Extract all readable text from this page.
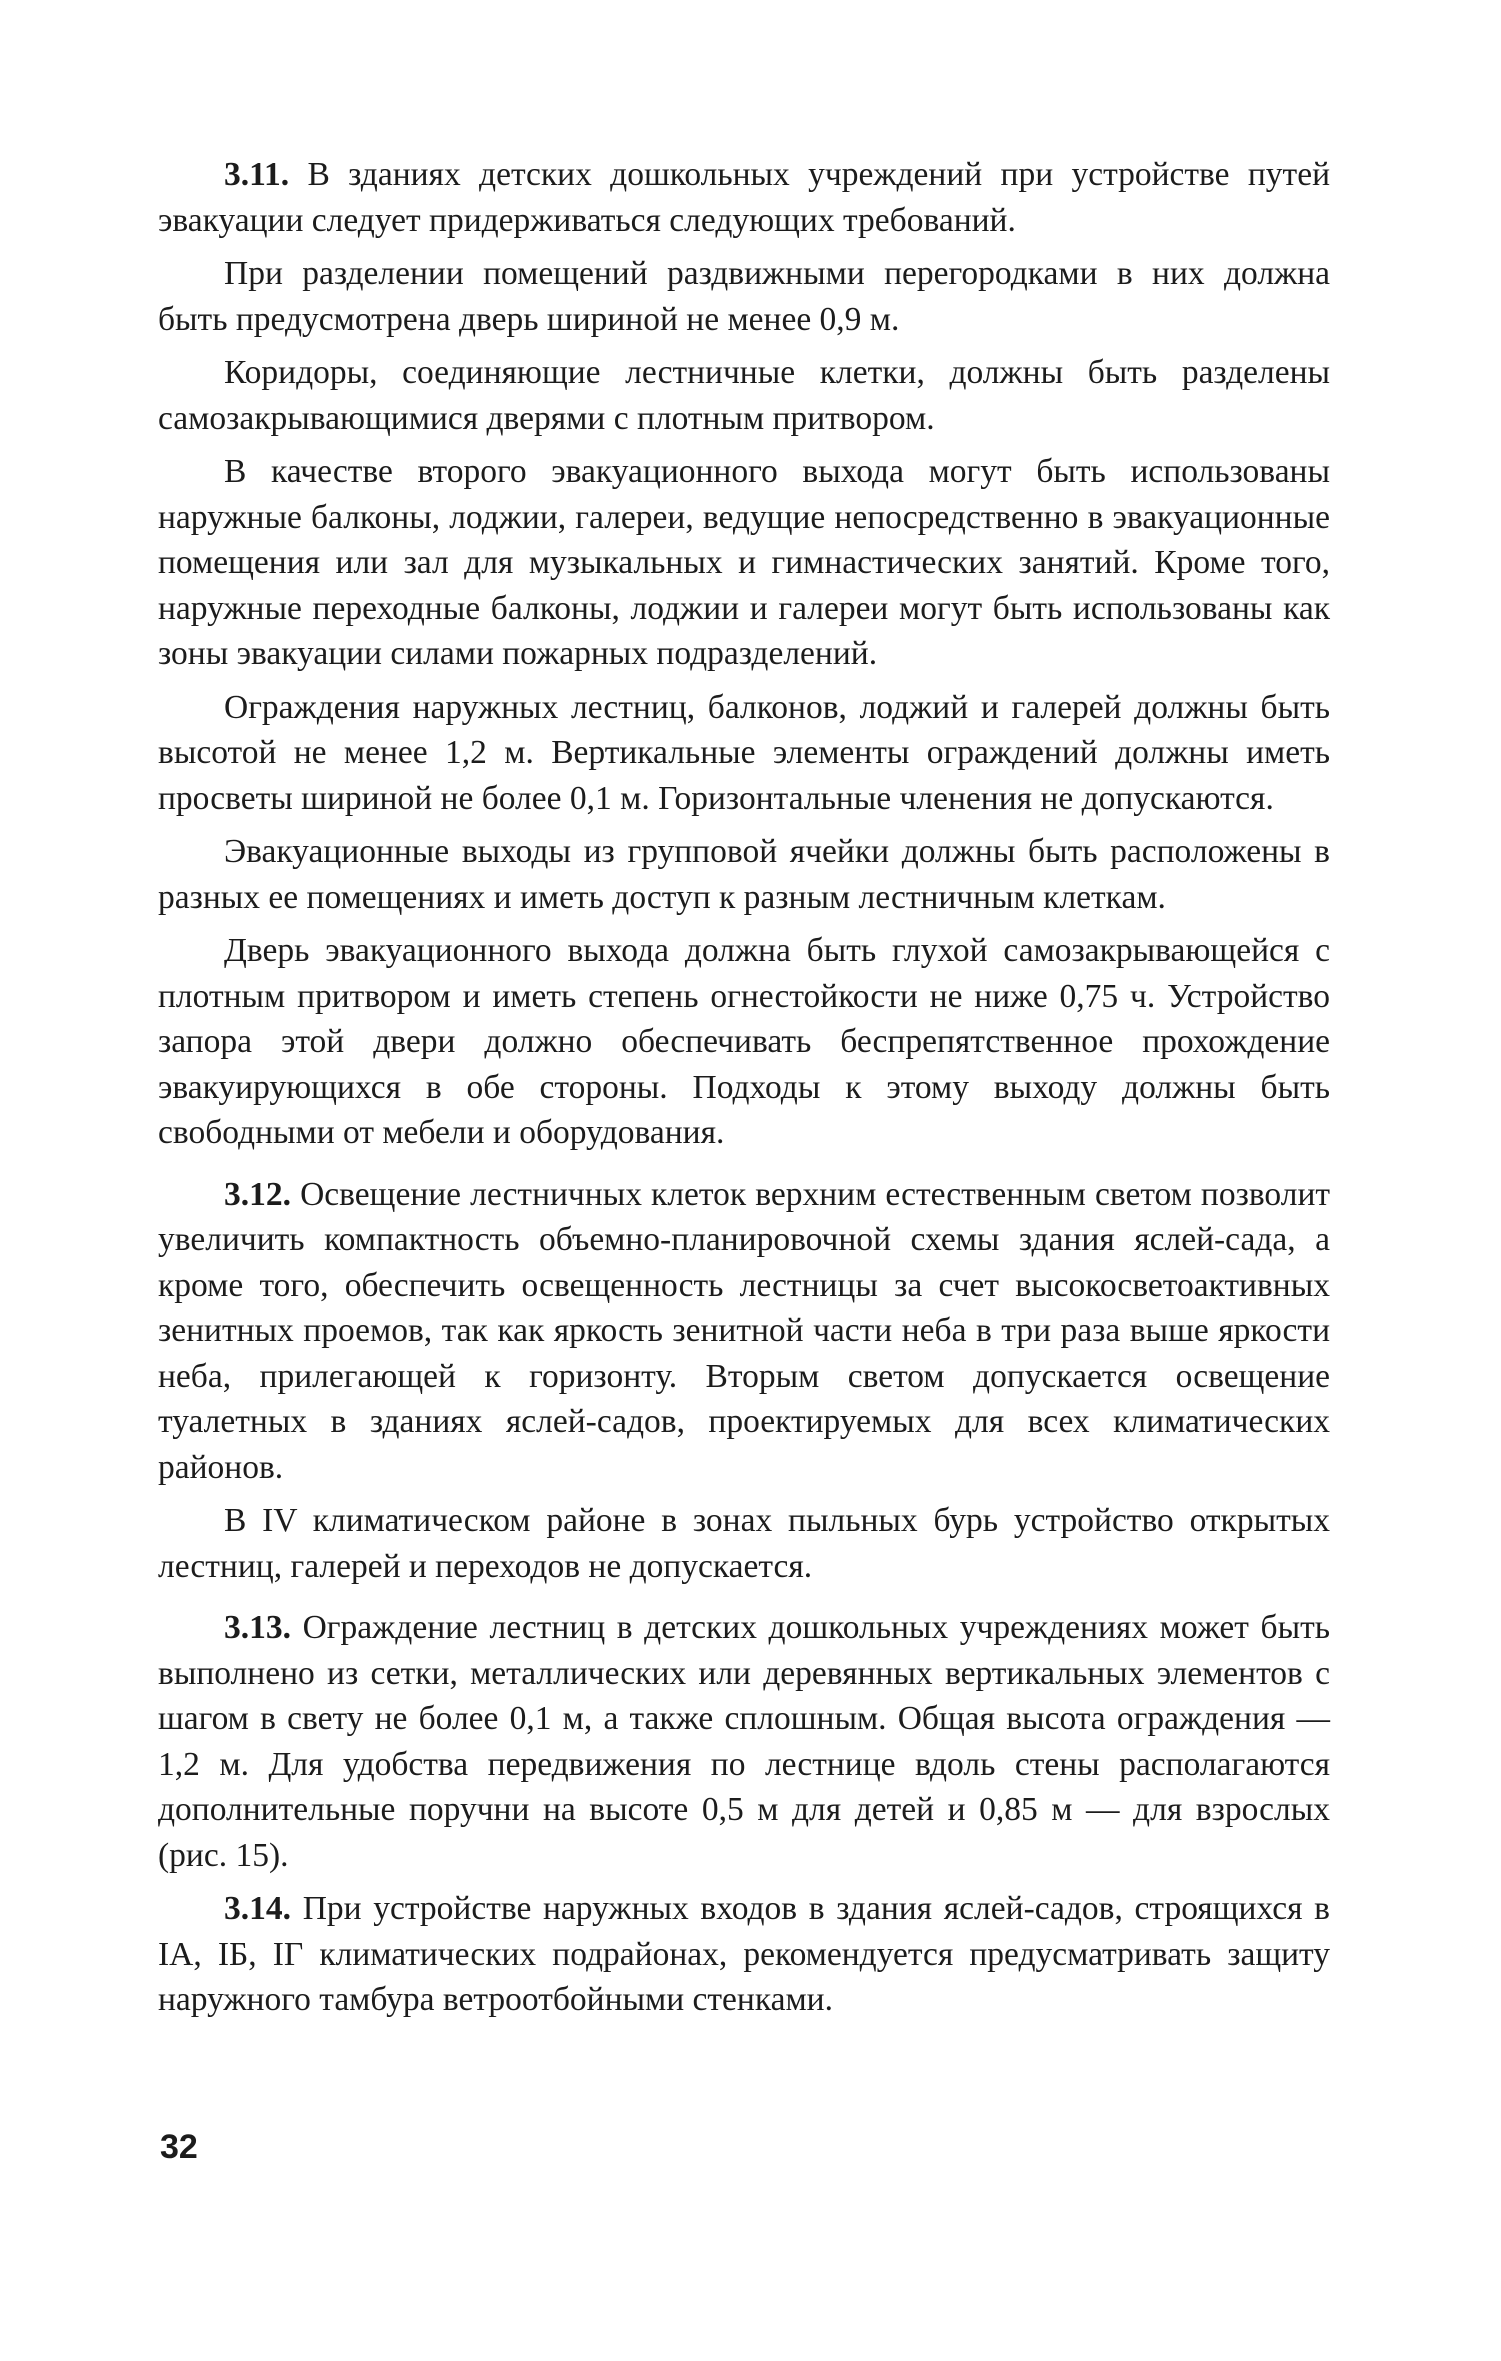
3.11. В зданиях детских дошкольных учреждений при устройстве путей эвакуации следует придерживаться следующих требований.

При разделении помещений раздвижными перегородками в них должна быть предусмотрена дверь шириной не менее 0,9 м.

Коридоры, соединяющие лестничные клетки, должны быть разделены самозакрывающимися дверями с плотным притвором.

В качестве второго эвакуационного выхода могут быть использованы наружные балконы, лоджии, галереи, ведущие непосредственно в эвакуационные помещения или зал для музыкальных и гимнастических занятий. Кроме того, наружные переходные балконы, лоджии и галереи могут быть использованы как зоны эвакуации силами пожарных подразделений.

Ограждения наружных лестниц, балконов, лоджий и галерей должны быть высотой не менее 1,2 м. Вертикальные элементы ограждений должны иметь просветы шириной не более 0,1 м. Горизонтальные членения не допускаются.

Эвакуационные выходы из групповой ячейки должны быть расположены в разных ее помещениях и иметь доступ к разным лестничным клеткам.

Дверь эвакуационного выхода должна быть глухой самозакрывающейся с плотным притвором и иметь степень огнестойкости не ниже 0,75 ч. Устройство запора этой двери должно обеспечивать беспрепятственное прохождение эвакуирующихся в обе стороны. Подходы к этому выходу должны быть свободными от мебели и оборудования.

3.12. Освещение лестничных клеток верхним естественным светом позволит увеличить компактность объемно-планировочной схемы здания яслей-сада, а кроме того, обеспечить освещенность лестницы за счет высокосветоактивных зенитных проемов, так как яркость зенитной части неба в три раза выше яркости неба, прилегающей к горизонту. Вторым светом допускается освещение туалетных в зданиях яслей-садов, проектируемых для всех климатических районов.

В IV климатическом районе в зонах пыльных бурь устройство открытых лестниц, галерей и переходов не допускается.

3.13. Ограждение лестниц в детских дошкольных учреждениях может быть выполнено из сетки, металлических или деревянных вертикальных элементов с шагом в свету не более 0,1 м, а также сплошным. Общая высота ограждения — 1,2 м. Для удобства передвижения по лестнице вдоль стены располагаются дополнительные поручни на высоте 0,5 м для детей и 0,85 м — для взрослых (рис. 15).

3.14. При устройстве наружных входов в здания яслей-садов, строящихся в IА, IБ, IГ климатических подрайонах, рекомендуется предусматривать защиту наружного тамбура ветроотбойными стенками.

32
